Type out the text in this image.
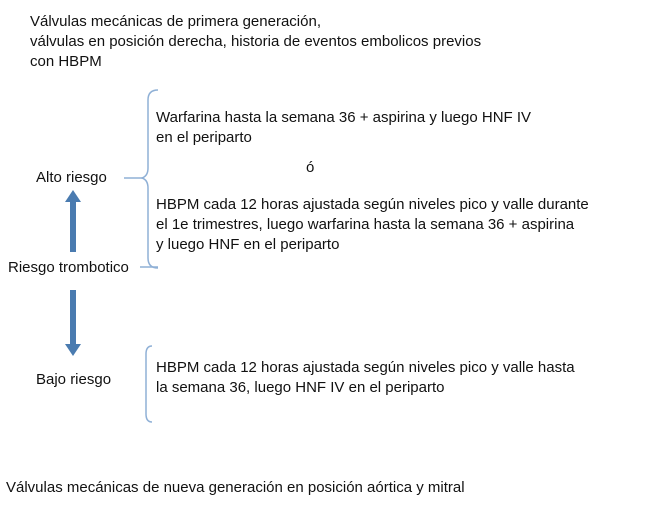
Válvulas mecánicas de primera generación,
válvulas en posición derecha, historia de eventos embolicos previos
con HBPM
Alto riesgo
Riesgo trombotico
Bajo riesgo
Warfarina hasta la semana 36 + aspirina y luego HNF IV
en el periparto
ó
HBPM cada 12 horas ajustada según niveles pico y valle durante
el 1e trimestres, luego warfarina hasta la semana 36 + aspirina
y luego HNF en el periparto
HBPM cada 12 horas ajustada según niveles pico y valle hasta
la semana 36, luego HNF IV en el periparto
Válvulas mecánicas de nueva generación en posición aórtica y mitral
